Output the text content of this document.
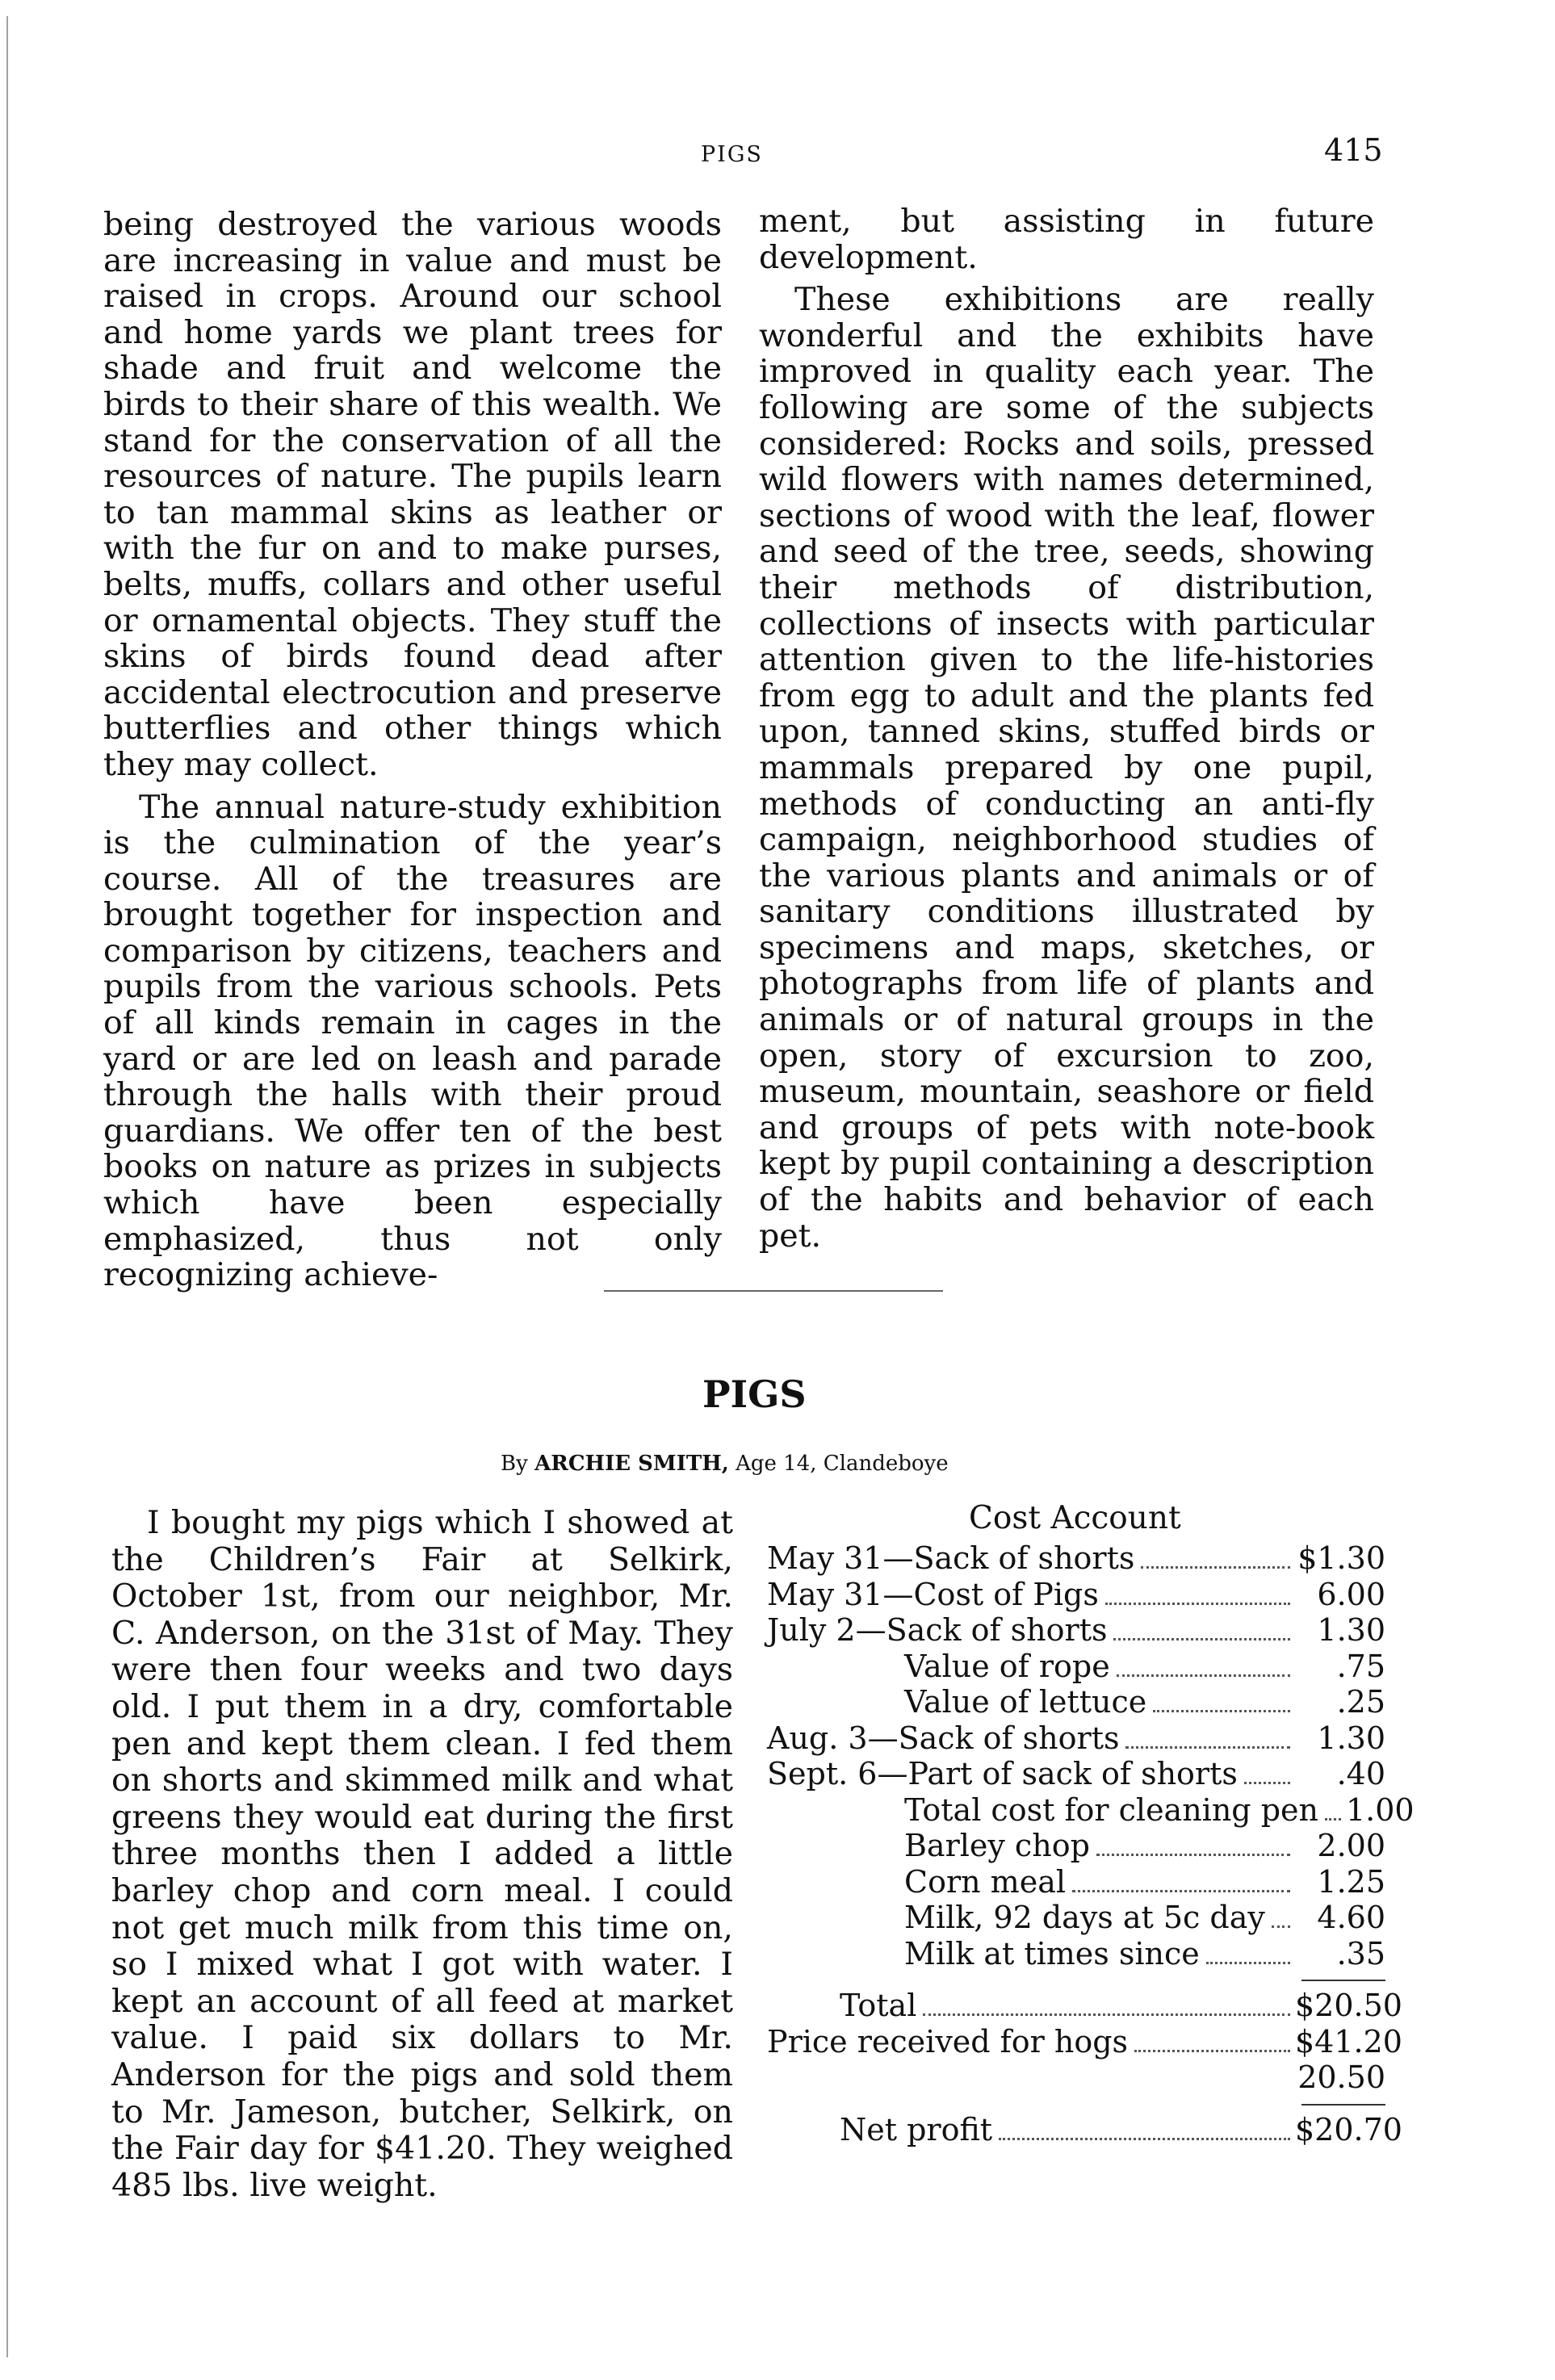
PIGS	415

being destroyed the various woods are increasing in value and must be raised in crops. Around our school and home yards we plant trees for shade and fruit and welcome the birds to their share of this wealth. We stand for the conservation of all the resources of nature. The pupils learn to tan mammal skins as leather or with the fur on and to make purses, belts, muffs, collars and other useful or ornamental objects. They stuff the skins of birds found dead after accidental electrocution and preserve butterflies and other things which they may collect.

The annual nature-study exhibition is the culmination of the year’s course. All of the treasures are brought together for inspection and comparison by citizens, teachers and pupils from the various schools. Pets of all kinds remain in cages in the yard or are led on leash and parade through the halls with their proud guardians. We offer ten of the best books on nature as prizes in subjects which have been especially emphasized, thus not only recognizing achieve-

ment, but assisting in future development.

These exhibitions are really wonderful and the exhibits have improved in quality each year. The following are some of the subjects considered: Rocks and soils, pressed wild flowers with names determined, sections of wood with the leaf, flower and seed of the tree, seeds, showing their methods of distribution, collections of insects with particular attention given to the life-histories from egg to adult and the plants fed upon, tanned skins, stuffed birds or mammals prepared by one pupil, methods of conducting an anti-fly campaign, neighborhood studies of the various plants and animals or of sanitary conditions illustrated by specimens and maps, sketches, or photographs from life of plants and animals or of natural groups in the open, story of excursion to zoo, museum, mountain, seashore or field and groups of pets with note-book kept by pupil containing a description of the habits and behavior of each pet.

PIGS
By ARCHIE SMITH, Age 14, Clandeboye

I bought my pigs which I showed at the Children’s Fair at Selkirk, October 1st, from our neighbor, Mr. C. Anderson, on the 31st of May. They were then four weeks and two days old. I put them in a dry, comfortable pen and kept them clean. I fed them on shorts and skimmed milk and what greens they would eat during the first three months then I added a little barley chop and corn meal. I could not get much milk from this time on, so I mixed what I got with water. I kept an account of all feed at market value. I paid six dollars to Mr. Anderson for the pigs and sold them to Mr. Jameson, butcher, Selkirk, on the Fair day for $41.20. They weighed 485 lbs. live weight.

Cost Account
May 31—Sack of shorts	$1.30
May 31—Cost of Pigs	6.00
July 2—Sack of shorts	1.30
Value of rope	.75
Value of lettuce	.25
Aug. 3—Sack of shorts	1.30
Sept. 6—Part of sack of shorts	.40
Total cost for cleaning pen 1.00
Barley chop	2.00
Corn meal	1.25
Milk, 92 days at 5c day	4.60
Milk at times since	.35
Total	$20.50
Price received for hogs	$41.20
20.50
Net profit	$20.70
